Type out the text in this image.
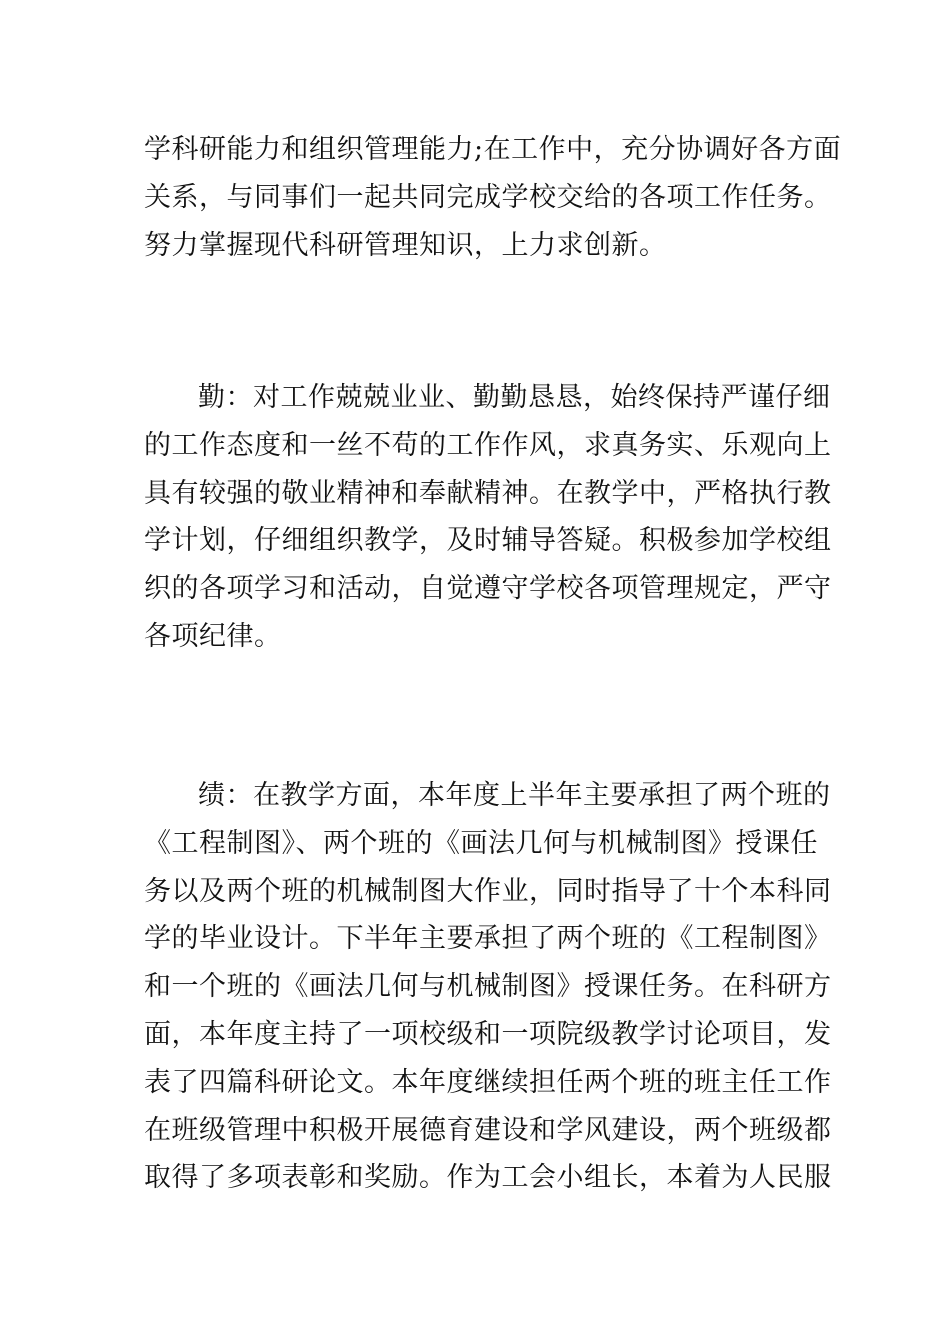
学科研能力和组织管理能力;在工作中，充分协调好各方面
关系，与同事们一起共同完成学校交给的各项工作任务。
努力掌握现代科研管理知识，上力求创新。

勤：对工作兢兢业业、勤勤恳恳，始终保持严谨仔细
的工作态度和一丝不苟的工作作风，求真务实、乐观向上
具有较强的敬业精神和奉献精神。在教学中，严格执行教
学计划，仔细组织教学，及时辅导答疑。积极参加学校组
织的各项学习和活动，自觉遵守学校各项管理规定，严守
各项纪律。

绩：在教学方面，本年度上半年主要承担了两个班的
《工程制图》、两个班的《画法几何与机械制图》授课任
务以及两个班的机械制图大作业，同时指导了十个本科同
学的毕业设计。下半年主要承担了两个班的《工程制图》
和一个班的《画法几何与机械制图》授课任务。在科研方
面，本年度主持了一项校级和一项院级教学讨论项目，发
表了四篇科研论文。本年度继续担任两个班的班主任工作
在班级管理中积极开展德育建设和学风建设，两个班级都
取得了多项表彰和奖励。作为工会小组长，本着为人民服
